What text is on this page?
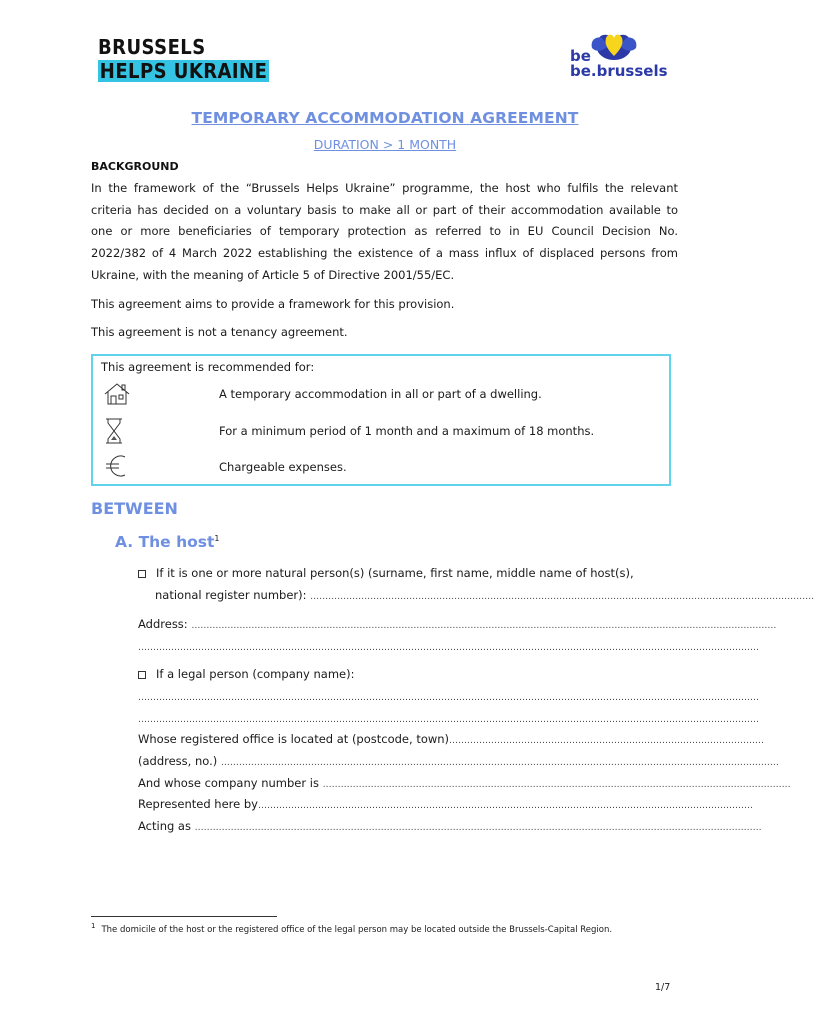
BRUSSELS
HELPS UKRAINE
be
be.brussels
TEMPORARY ACCOMMODATION AGREEMENT
DURATION > 1 MONTH
BACKGROUND
In the framework of the “Brussels Helps Ukraine” programme, the host who fulfils the relevant
criteria has decided on a voluntary basis to make all or part of their accommodation available to
one or more beneficiaries of temporary protection as referred to in EU Council Decision No.
2022/382 of 4 March 2022 establishing the existence of a mass influx of displaced persons from
Ukraine, with the meaning of Article 5 of Directive 2001/55/EC.
This agreement aims to provide a framework for this provision.
This agreement is not a tenancy agreement.
This agreement is recommended for:
A temporary accommodation in all or part of a dwelling.
For a minimum period of 1 month and a maximum of 18 months.
Chargeable expenses.
BETWEEN
A. The host$^1$
If it is one or more natural person(s) (surname, first name, middle name of host(s),
national register number): ……………………………………………………………………………………………………………………………………………………
Address: ……………………………………………………………………………………………………………………………………………………………………………
………………………………………………………………………………………………………………………………………………………………………………………
If a legal person (company name):
………………………………………………………………………………………………………………………………………………………………………………………
………………………………………………………………………………………………………………………………………………………………………………………
Whose registered office is located at (postcode, town)……………………………………………………………………………………………
(address, no.) ……………………………………………………………………………………………………………………………………………………………………
And whose company number is …………………………………………………………………………………………………………………………………………
Represented here by…………………………………………………………………………………………………………………………………………………
Acting as ………………………………………………………………………………………………………………………………………………………………………
$^1$ The domicile of the host or the registered office of the legal person may be located outside the Brussels-Capital Region.
1/7
